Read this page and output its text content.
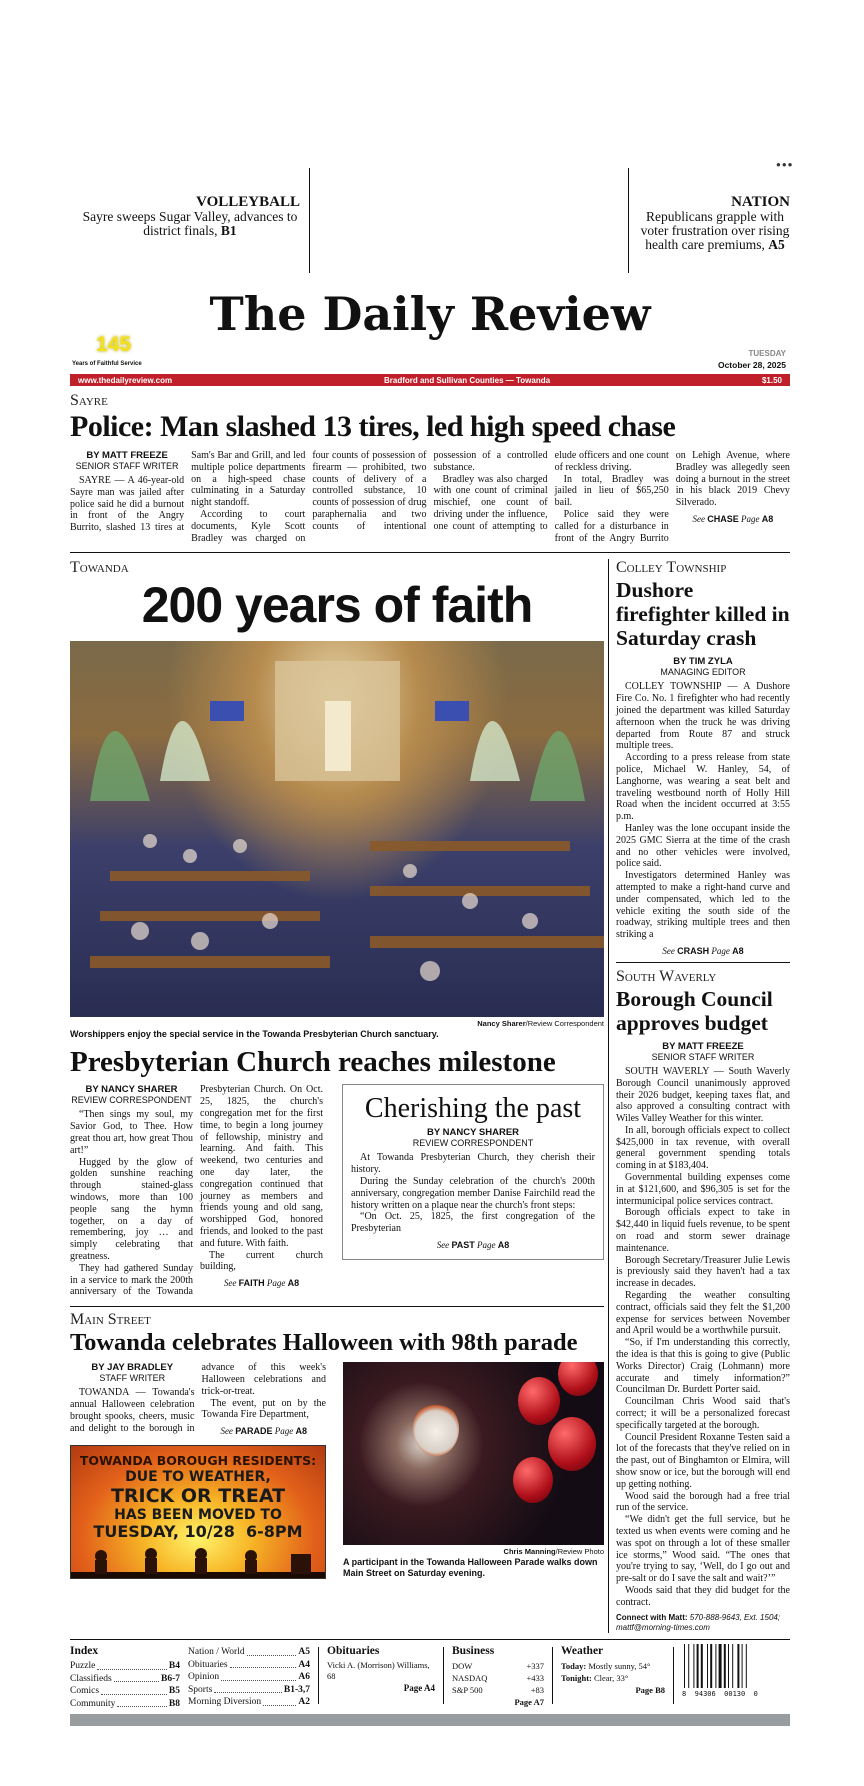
●●●
VOLLEYBALL
Sayre sweeps Sugar Valley, advances to district finals, B1
NATION
Republicans grapple with voter frustration over rising health care premiums, A5
The Daily Review
145
Years of Faithful Service
TUESDAY
October 28, 2025
www.thedailyreview.com	Bradford and Sullivan Counties — Towanda	$1.50
Sayre
Police: Man slashed 13 tires, led high speed chase
BY MATT FREEZE
SENIOR STAFF WRITER

SAYRE — A 46-year-old Sayre man was jailed after police said he did a burnout in front of the Angry Burrito, slashed 13 tires at Sam's Bar and Grill, and led multiple police departments on a high-speed chase culminating in a Saturday night standoff.

According to court documents, Kyle Scott Bradley was charged on four counts of possession of firearm — prohibited, two counts of delivery of a controlled substance, 10 counts of possession of drug paraphernalia and two counts of intentional possession of a controlled substance.

Bradley was also charged with one count of criminal mischief, one count of driving under the influence, one count of attempting to elude officers and one count of reckless driving.

In total, Bradley was jailed in lieu of $65,250 bail.

Police said they were called for a disturbance in front of the Angry Burrito on Lehigh Avenue, where Bradley was allegedly seen doing a burnout in the street in his black 2019 Chevy Silverado.

See CHASE Page A8
Towanda
200 years of faith
Nancy Sharer/Review Correspondent
Worshippers enjoy the special service in the Towanda Presbyterian Church sanctuary.
Presbyterian Church reaches milestone
BY NANCY SHARER
REVIEW CORRESPONDENT

“Then sings my soul, my Savior God, to Thee. How great thou art, how great Thou art!”

Hugged by the glow of golden sunshine reaching through stained-glass windows, more than 100 people sang the hymn together, on a day of remembering, joy … and simply celebrating that greatness.

They had gathered Sunday in a service to mark the 200th anniversary of the Towanda Presbyterian Church. On Oct. 25, 1825, the church's congregation met for the first time, to begin a long journey of fellowship, ministry and learning. And faith. This weekend, two centuries and one day later, the congregation continued that journey as members and friends young and old sang, worshipped God, honored friends, and looked to the past and future. With faith.

The current church building,

See FAITH Page A8
Cherishing the past
BY NANCY SHARER
REVIEW CORRESPONDENT

At Towanda Presbyterian Church, they cherish their history.

During the Sunday celebration of the church's 200th anniversary, congregation member Danise Fairchild read the history written on a plaque near the church's front steps:

“On Oct. 25, 1825, the first congregation of the Presbyterian

See PAST Page A8
Main Street
Towanda celebrates Halloween with 98th parade
BY JAY BRADLEY
STAFF WRITER

TOWANDA — Towanda's annual Halloween celebration brought spooks, cheers, music and delight to the borough in advance of this week's Halloween celebrations and trick-or-treat.

The event, put on by the Towanda Fire Department,

See PARADE Page A8
TOWANDA BOROUGH RESIDENTS:
DUE TO WEATHER,
TRICK OR TREAT
HAS BEEN MOVED TO
TUESDAY, 10/28  6-8PM
Chris Manning/Review Photo
A participant in the Towanda Halloween Parade walks down Main Street on Saturday evening.
Colley Township
Dushore firefighter killed in Saturday crash
BY TIM ZYLA
MANAGING EDITOR

COLLEY TOWNSHIP — A Dushore Fire Co. No. 1 firefighter who had recently joined the department was killed Saturday afternoon when the truck he was driving departed from Route 87 and struck multiple trees.

According to a press release from state police, Michael W. Hanley, 54, of Langhorne, was wearing a seat belt and traveling westbound north of Holly Hill Road when the incident occurred at 3:55 p.m.

Hanley was the lone occupant inside the 2025 GMC Sierra at the time of the crash and no other vehicles were involved, police said.

Investigators determined Hanley was attempted to make a right-hand curve and under compensated, which led to the vehicle exiting the south side of the roadway, striking multiple trees and then striking a

See CRASH Page A8
South Waverly
Borough Council approves budget
BY MATT FREEZE
SENIOR STAFF WRITER

SOUTH WAVERLY — South Waverly Borough Council unanimously approved their 2026 budget, keeping taxes flat, and also approved a consulting contract with Wiles Valley Weather for this winter.

In all, borough officials expect to collect $425,000 in tax revenue, with overall general government spending totals coming in at $183,404.

Governmental building expenses come in at $121,600, and $96,305 is set for the intermunicipal police services contract.

Borough officials expect to take in $42,440 in liquid fuels revenue, to be spent on road and storm sewer drainage maintenance.

Borough Secretary/Treasurer Julie Lewis is previously said they haven't had a tax increase in decades.

Regarding the weather consulting contract, officials said they felt the $1,200 expense for services between November and April would be a worthwhile pursuit.

“So, if I'm understanding this correctly, the idea is that this is going to give (Public Works Director) Craig (Lohmann) more accurate and timely information?” Councilman Dr. Burdett Porter said.

Councilman Chris Wood said that's correct; it will be a personalized forecast specifically targeted at the borough.

Council President Roxanne Testen said a lot of the forecasts that they've relied on in the past, out of Binghamton or Elmira, will show snow or ice, but the borough will end up getting nothing.

Wood said the borough had a free trial run of the service.

“We didn't get the full service, but he texted us when events were coming and he was spot on through a lot of these smaller ice storms,” Wood said. “The ones that you're trying to say, ‘Well, do I go out and pre-salt or do I save the salt and wait?’”

Woods said that they did budget for the contract.

Connect with Matt: 570-888-9643, Ext. 1504; mattf@morning-times.com
Index
Puzzle	B4
Classifieds	B6-7
Comics	B5
Community	B8
Nation / World	A5
Obituaries	A4
Opinion	A6
Sports	B1-3,7
Morning Diversion	A2
Obituaries
Vicki A. (Morrison) Williams, 68
Page A4
Business
DOW	+337
NASDAQ	+433
S&P 500	+83
Page A7
Weather
Today: Mostly sunny, 54°
Tonight: Clear, 33°
Page B8 8  94306  00130  0
